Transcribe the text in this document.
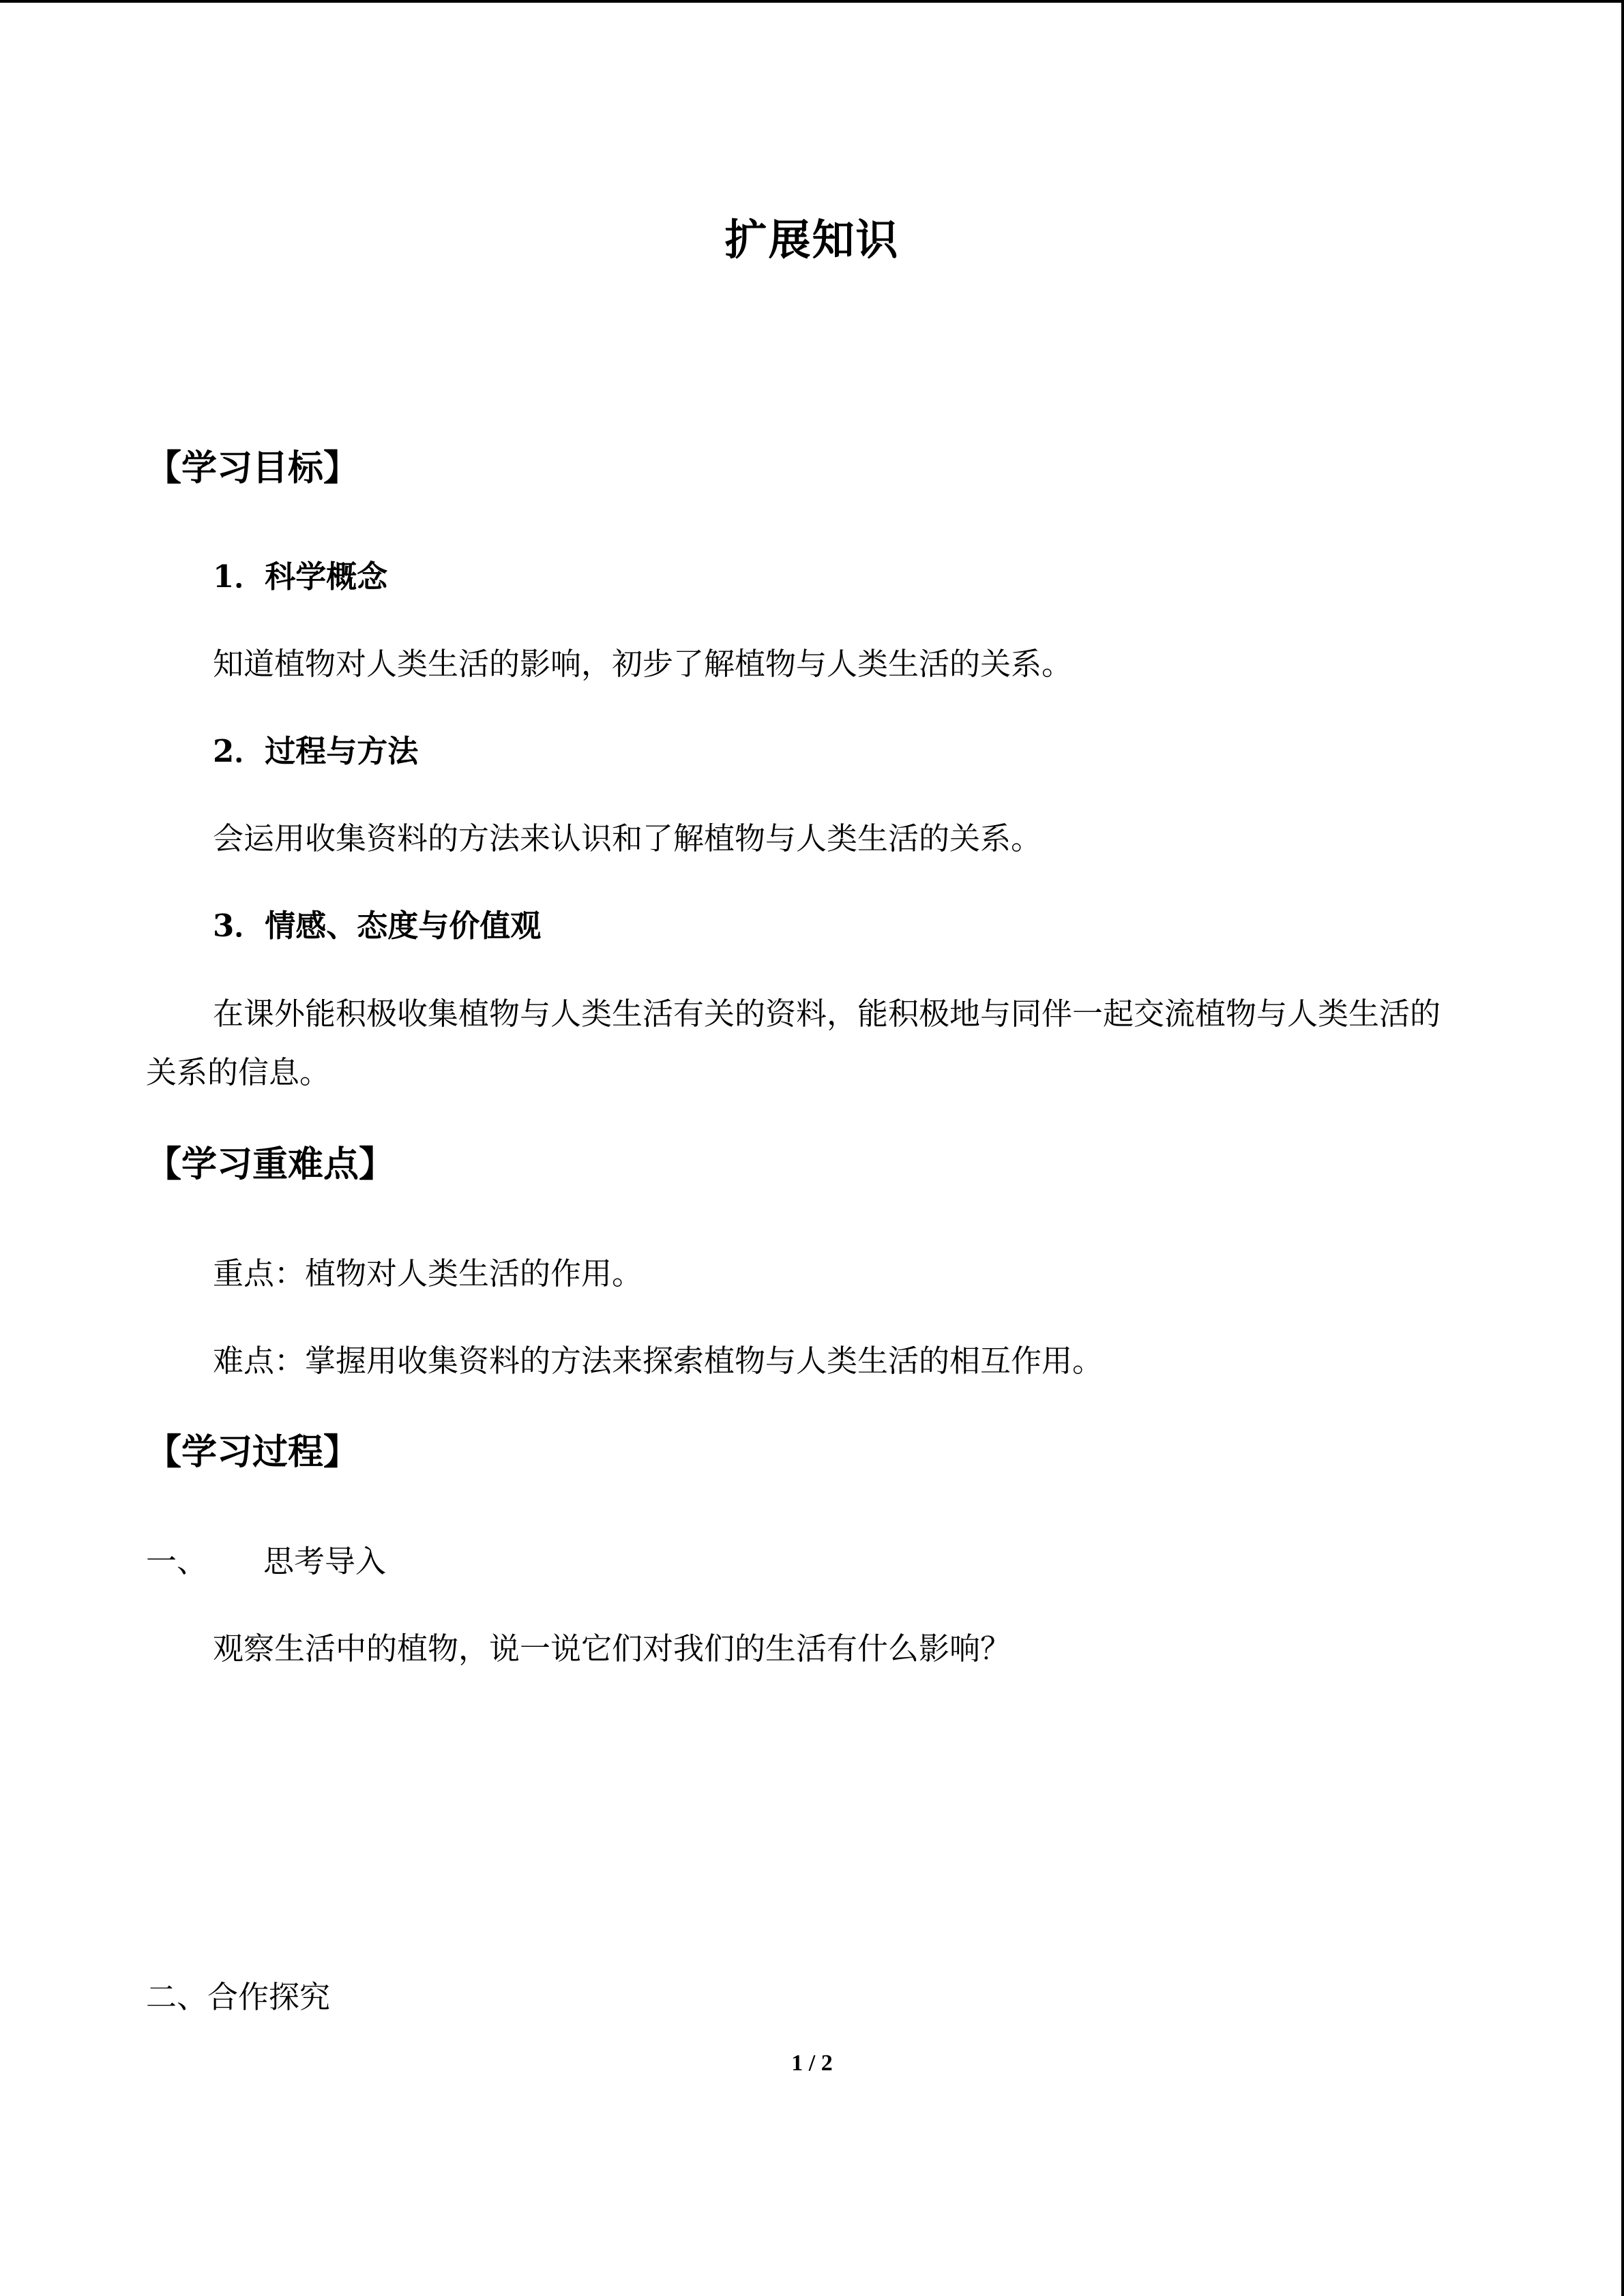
扩展知识
【学习目标】
1．科学概念
知道植物对人类生活的影响，初步了解植物与人类生活的关系。
2．过程与方法
会运用收集资料的方法来认识和了解植物与人类生活的关系。
3．情感、态度与价值观
在课外能积极收集植物与人类生活有关的资料，能积极地与同伴一起交流植物与人类生活的关系的信息。
【学习重难点】
重点：植物对人类生活的作用。
难点：掌握用收集资料的方法来探索植物与人类生活的相互作用。
【学习过程】
一、 思考导入
观察生活中的植物，说一说它们对我们的生活有什么影响？
二、合作探究
1 / 2
